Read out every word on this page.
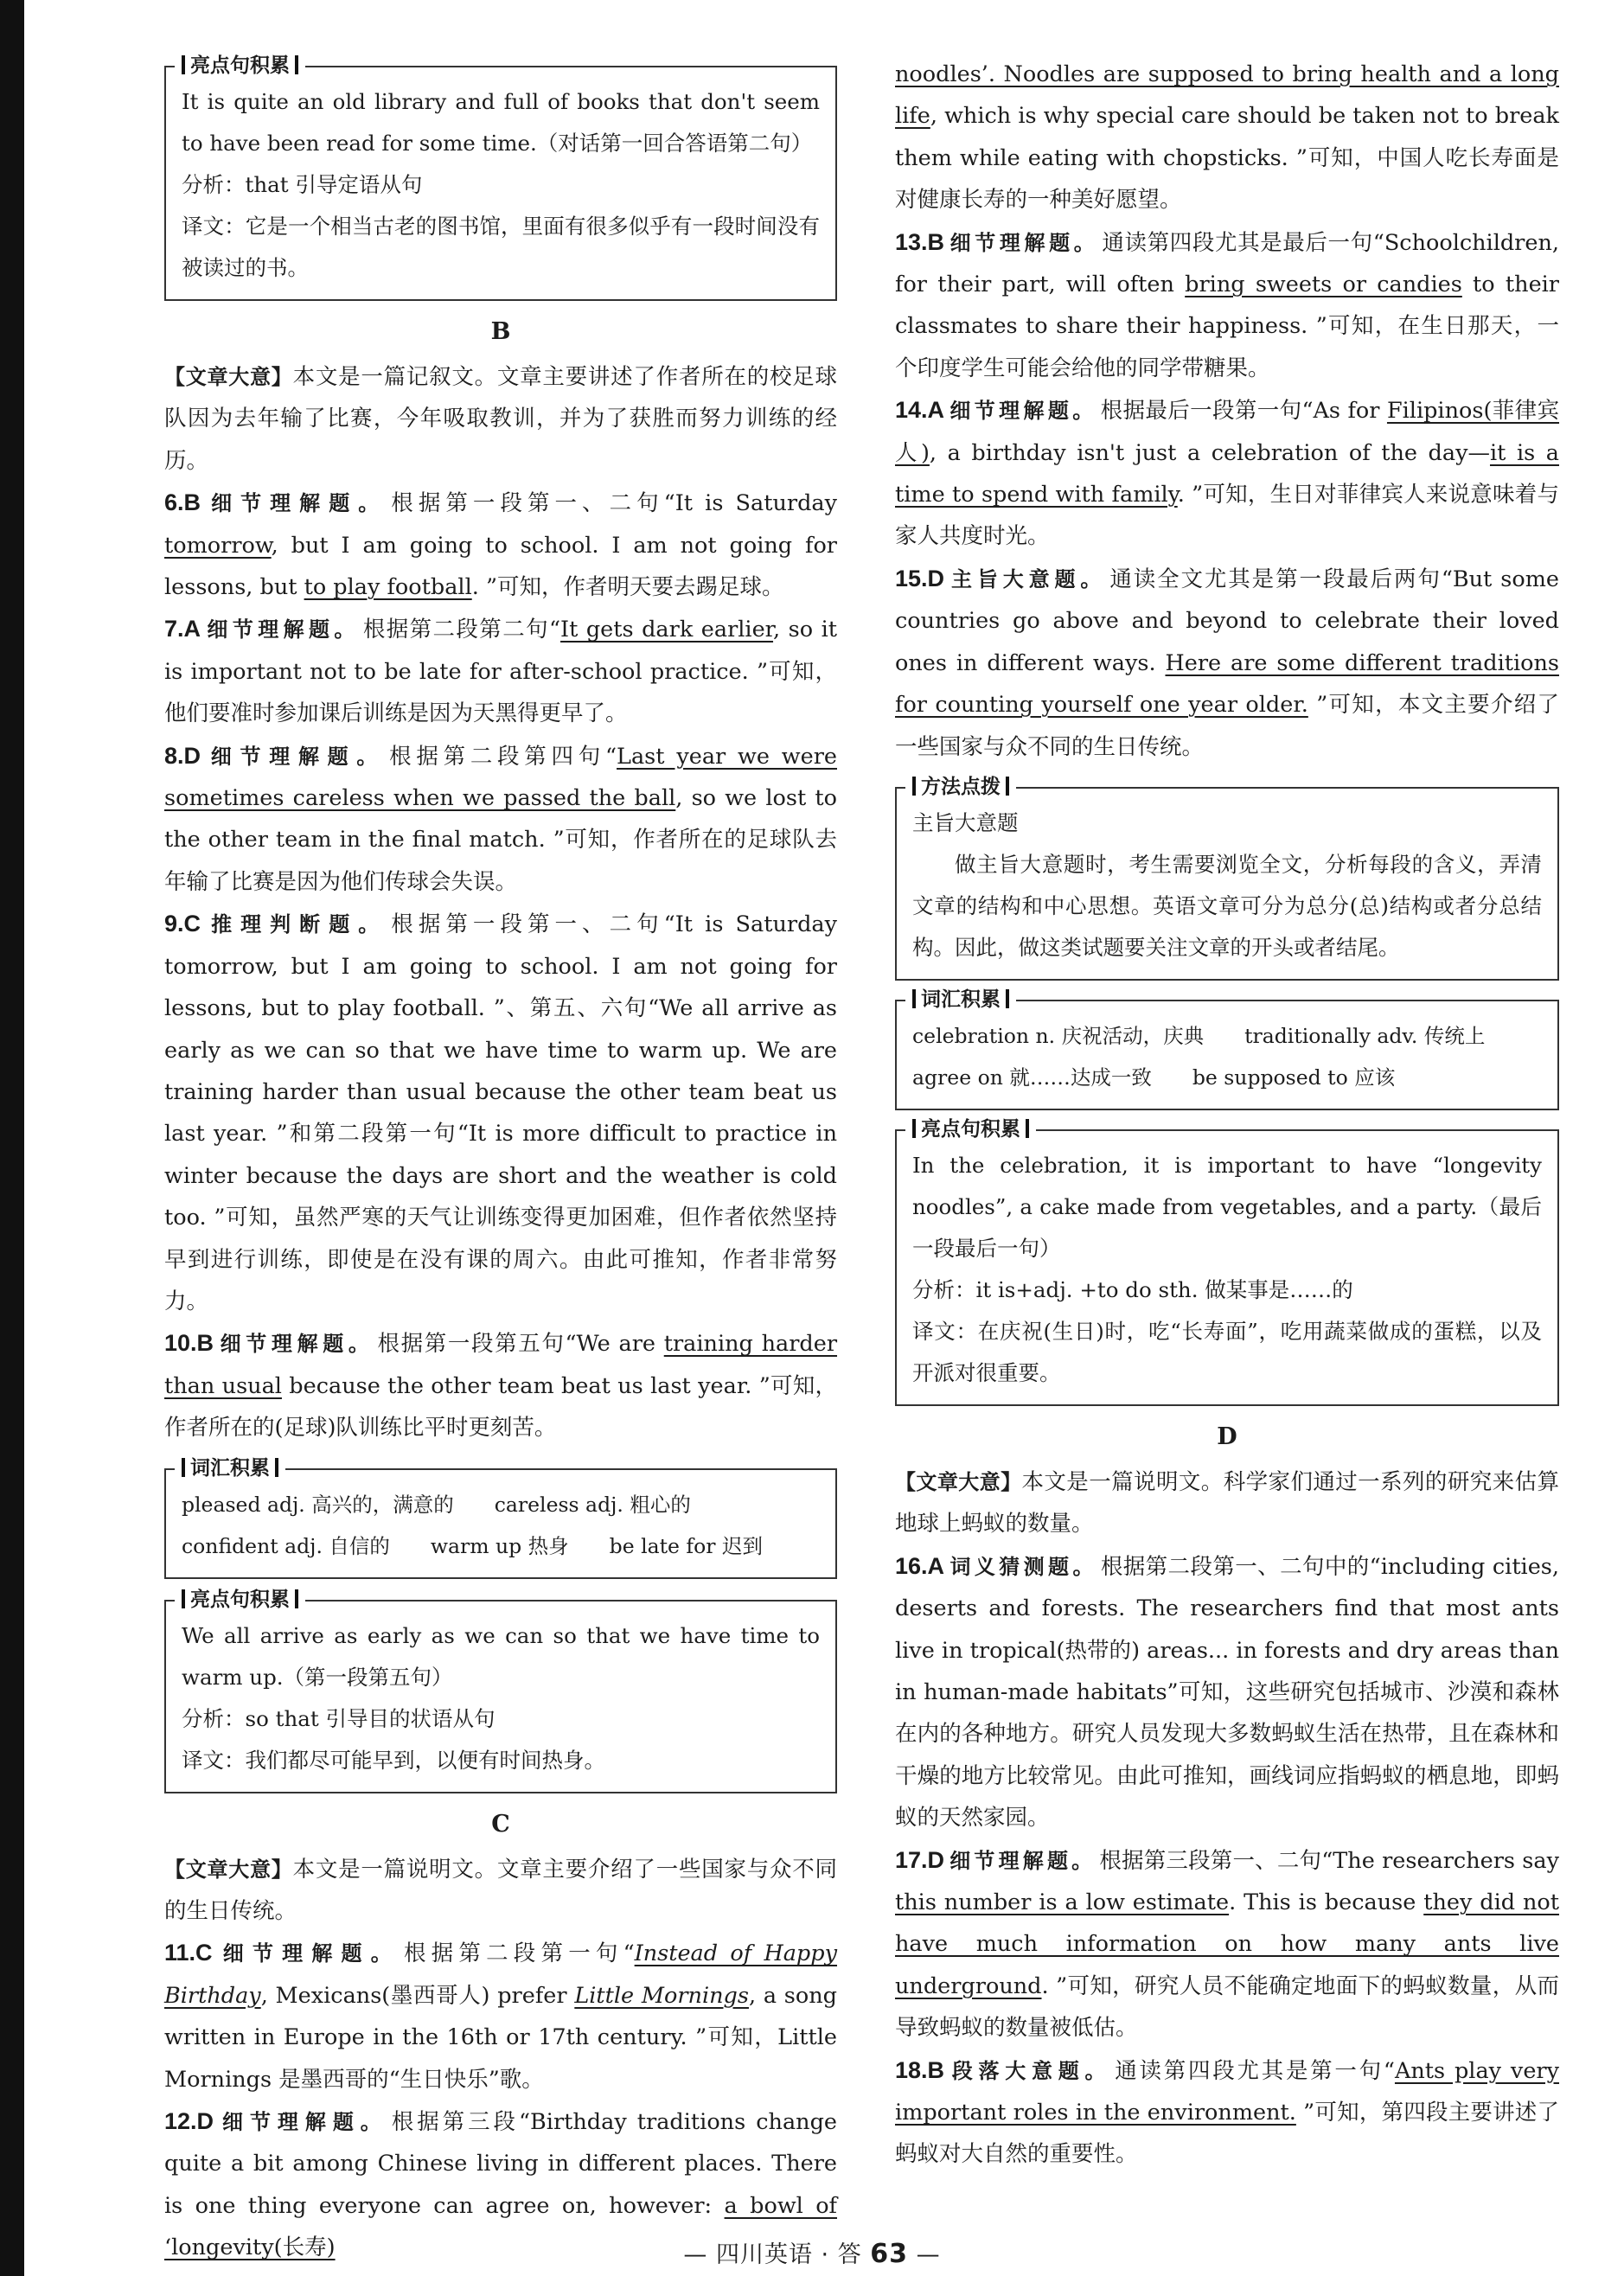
亮点句积累

It is quite an old library and full of books that don't seem to have been read for some time.（对话第一回合答语第二句）

分析：that 引导定语从句

译文：它是一个相当古老的图书馆，里面有很多似乎有一段时间没有被读过的书。

B

【文章大意】本文是一篇记叙文。文章主要讲述了作者所在的校足球队因为去年输了比赛，今年吸取教训，并为了获胜而努力训练的经历。

6.B 细节理解题。 根据第一段第一、二句“It is Saturday tomorrow, but I am going to school. I am not going for lessons, but to play football. ”可知，作者明天要去踢足球。

7.A 细节理解题。 根据第二段第二句“It gets dark earlier, so it is important not to be late for after-school practice. ”可知，他们要准时参加课后训练是因为天黑得更早了。

8.D 细节理解题。 根据第二段第四句“Last year we were sometimes careless when we passed the ball, so we lost to the other team in the final match. ”可知，作者所在的足球队去年输了比赛是因为他们传球会失误。

9.C 推理判断题。 根据第一段第一、二句“It is Saturday tomorrow, but I am going to school. I am not going for lessons, but to play football. ”、第五、六句“We all arrive as early as we can so that we have time to warm up. We are training harder than usual because the other team beat us last year. ”和第二段第一句“It is more difficult to practice in winter because the days are short and the weather is cold too. ”可知，虽然严寒的天气让训练变得更加困难，但作者依然坚持早到进行训练，即使是在没有课的周六。由此可推知，作者非常努力。

10.B 细节理解题。 根据第一段第五句“We are training harder than usual because the other team beat us last year. ”可知，作者所在的(足球)队训练比平时更刻苦。

词汇积累

pleased adj. 高兴的，满意的　　careless adj. 粗心的

confident adj. 自信的　　warm up 热身　　be late for 迟到

亮点句积累

We all arrive as early as we can so that we have time to warm up.（第一段第五句）

分析：so that 引导目的状语从句

译文：我们都尽可能早到，以便有时间热身。

C

【文章大意】本文是一篇说明文。文章主要介绍了一些国家与众不同的生日传统。

11.C 细节理解题。 根据第二段第一句“Instead of Happy Birthday, Mexicans(墨西哥人) prefer Little Mornings, a song written in Europe in the 16th or 17th century. ”可知，Little Mornings 是墨西哥的“生日快乐”歌。

12.D 细节理解题。 根据第三段“Birthday traditions change quite a bit among Chinese living in different places. There is one thing everyone can agree on, however: a bowl of ‘longevity(长寿)

noodles’. Noodles are supposed to bring health and a long life, which is why special care should be taken not to break them while eating with chopsticks. ”可知，中国人吃长寿面是对健康长寿的一种美好愿望。

13.B 细节理解题。 通读第四段尤其是最后一句“Schoolchildren, for their part, will often bring sweets or candies to their classmates to share their happiness. ”可知，在生日那天，一个印度学生可能会给他的同学带糖果。

14.A 细节理解题。 根据最后一段第一句“As for Filipinos(菲律宾人), a birthday isn't just a celebration of the day—it is a time to spend with family. ”可知，生日对菲律宾人来说意味着与家人共度时光。

15.D 主旨大意题。 通读全文尤其是第一段最后两句“But some countries go above and beyond to celebrate their loved ones in different ways. Here are some different traditions for counting yourself one year older. ”可知，本文主要介绍了一些国家与众不同的生日传统。

方法点拨

主旨大意题

做主旨大意题时，考生需要浏览全文，分析每段的含义，弄清文章的结构和中心思想。英语文章可分为总分(总)结构或者分总结构。因此，做这类试题要关注文章的开头或者结尾。

词汇积累

celebration n. 庆祝活动，庆典　　traditionally adv. 传统上

agree on 就……达成一致　　be supposed to 应该

亮点句积累

In the celebration, it is important to have “longevity noodles”, a cake made from vegetables, and a party.（最后一段最后一句）

分析：it is+adj. +to do sth. 做某事是……的

译文：在庆祝(生日)时，吃“长寿面”，吃用蔬菜做成的蛋糕，以及开派对很重要。

D

【文章大意】本文是一篇说明文。科学家们通过一系列的研究来估算地球上蚂蚁的数量。

16.A 词义猜测题。 根据第二段第一、二句中的“including cities, deserts and forests. The researchers find that most ants live in tropical(热带的) areas... in forests and dry areas than in human-made habitats”可知，这些研究包括城市、沙漠和森林在内的各种地方。研究人员发现大多数蚂蚁生活在热带，且在森林和干燥的地方比较常见。由此可推知，画线词应指蚂蚁的栖息地，即蚂蚁的天然家园。

17.D 细节理解题。 根据第三段第一、二句“The researchers say this number is a low estimate. This is because they did not have much information on how many ants live underground. ”可知，研究人员不能确定地面下的蚂蚁数量，从而导致蚂蚁的数量被低估。

18.B 段落大意题。 通读第四段尤其是第一句“Ants play very important roles in the environment. ”可知，第四段主要讲述了蚂蚁对大自然的重要性。

— 四川英语 · 答 63 —
